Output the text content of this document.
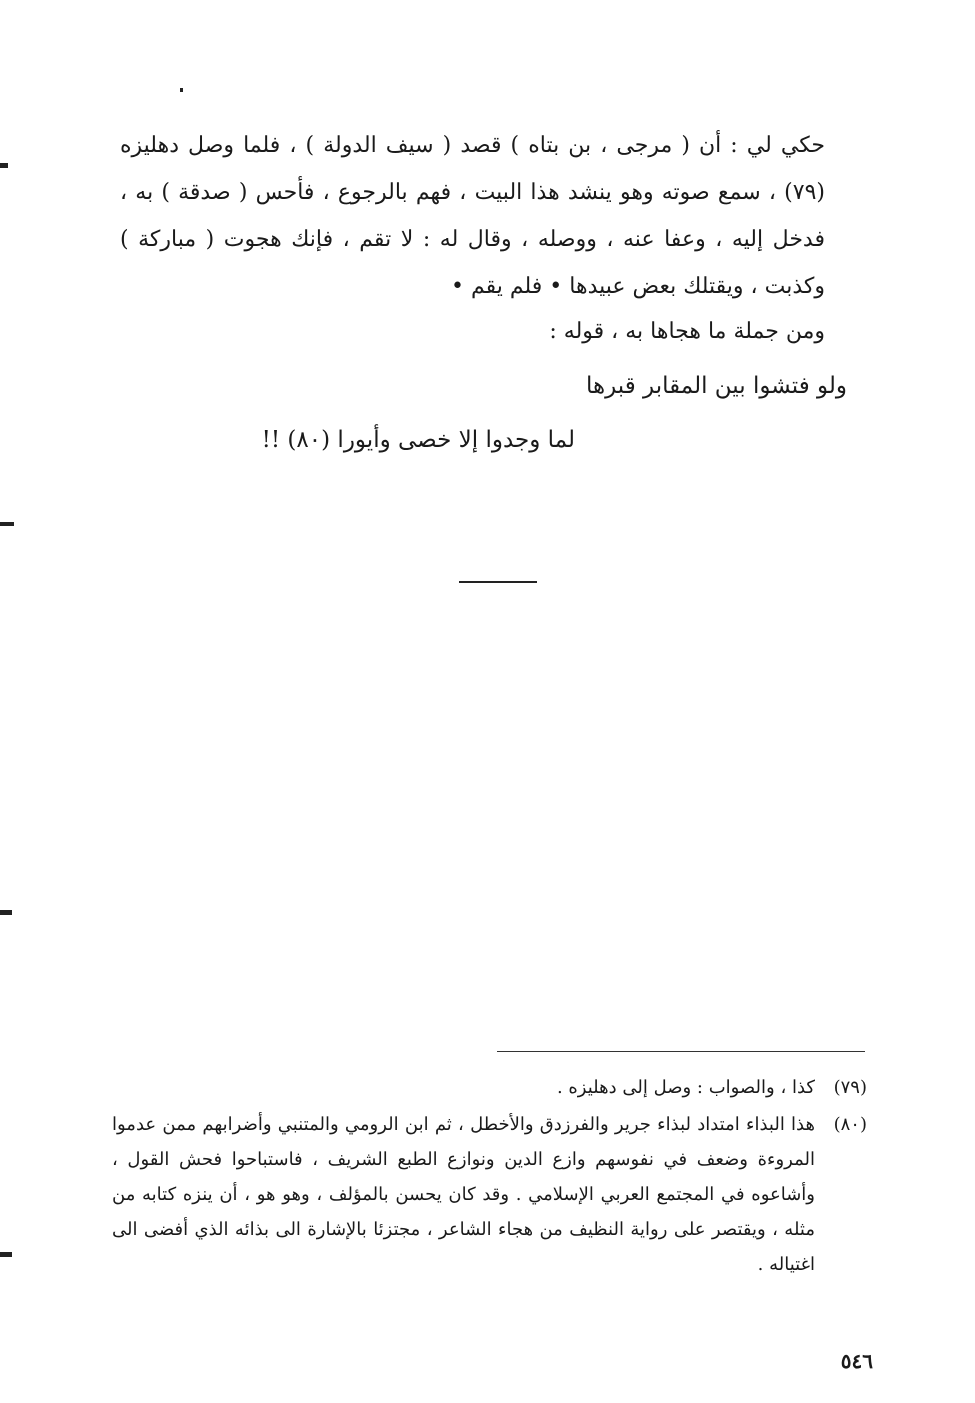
حكي لي : أن ( مرجى ، بن بتاه ) قصد ( سيف الدولة ) ، فلما وصل دهليزه (٧٩) ، سمع صوته وهو ينشد هذا البيت ، فهم بالرجوع ، فأحس ( صدقة ) به ، فدخل إليه ، وعفا عنه ، ووصله ، وقال له : لا تقم ، فإنك هجوت ( مباركة ) وكذبت ، ويقتلك بعض عبيدها • فلم يقم •

ومن جملة ما هجاها به ، قوله :
ولو فتشوا بين المقابر قبرها
لما وجدوا إلا خصى وأيورا (٨٠) !!
(٧٩)
كذا ، والصواب : وصل إلى دهليزه .
(٨٠)
هذا البذاء امتداد لبذاء جرير والفرزدق والأخطل ، ثم ابن الرومي والمتنبي وأضرابهم ممن عدموا المروءة وضعف في نفوسهم وازع الدين ونوازع الطبع الشريف ، فاستباحوا فحش القول ، وأشاعوه في المجتمع العربي الإسلامي . وقد كان يحسن بالمؤلف ، وهو هو ، أن ينزه كتابه من مثله ، ويقتصر على رواية النظيف من هجاء الشاعر ، مجتزئا بالإشارة الى بذائه الذي أفضى الى اغتياله .
٥٤٦
